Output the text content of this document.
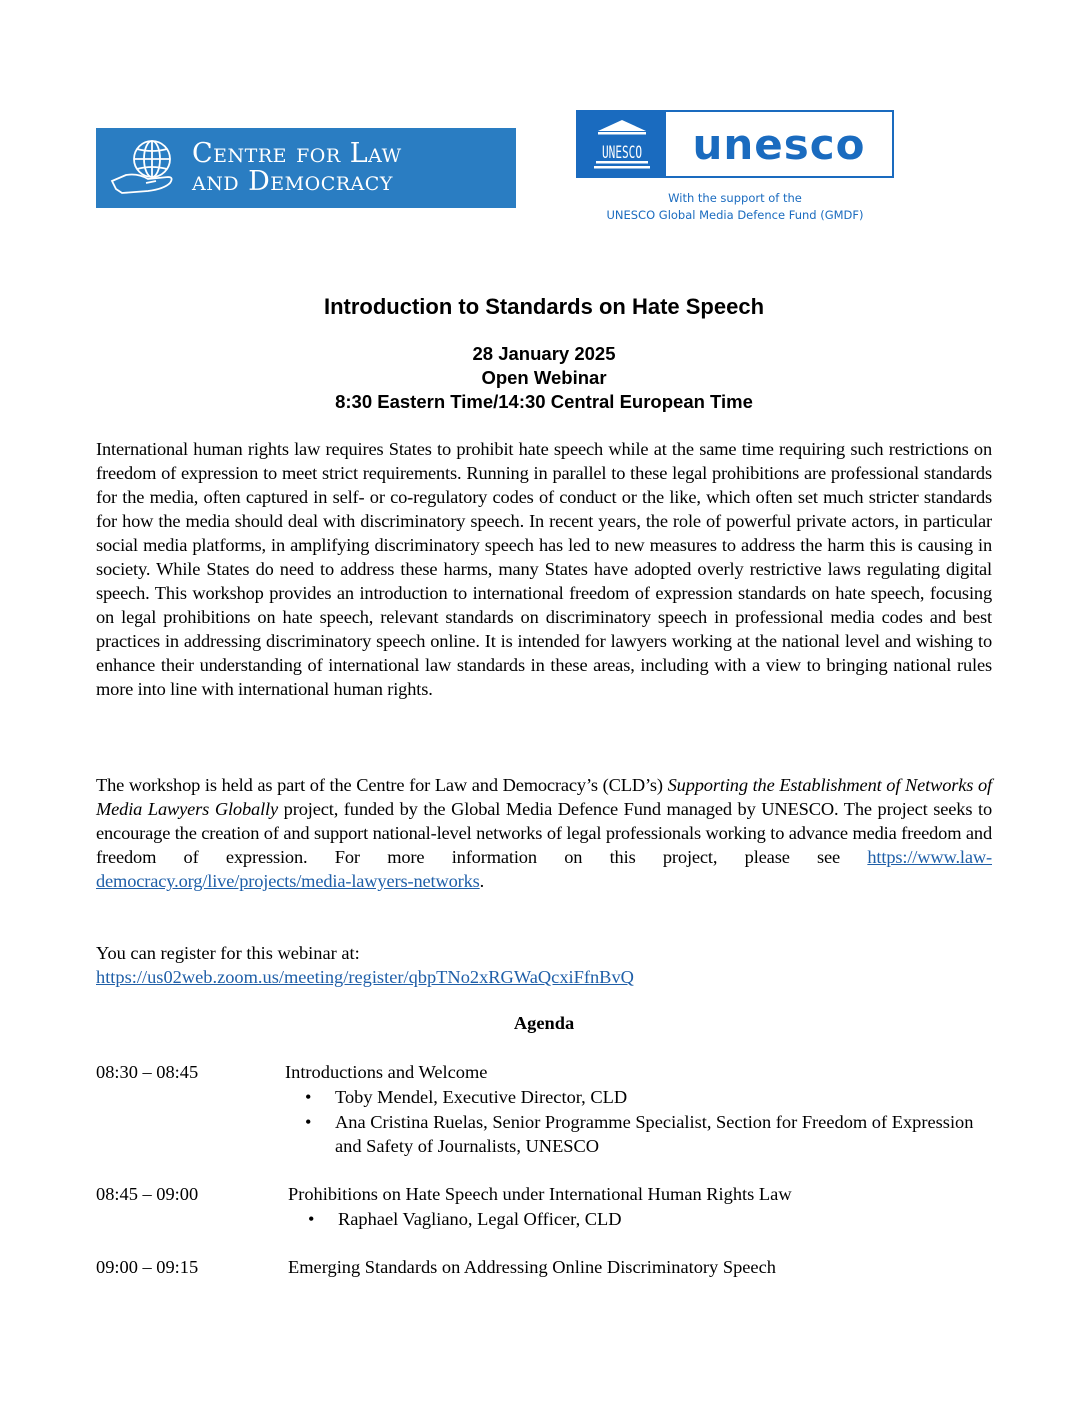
Centre for Law
and Democracy
UNESCO	unesco
With the support of the
UNESCO Global Media Defence Fund (GMDF)
Introduction to Standards on Hate Speech
28 January 2025
Open Webinar
8:30 Eastern Time/14:30 Central European Time
International human rights law requires States to prohibit hate speech while at the same time requiring such restrictions on freedom of expression to meet strict requirements. Running in parallel to these legal prohibitions are professional standards for the media, often captured in self- or co-regulatory codes of conduct or the like, which often set much stricter standards for how the media should deal with discriminatory speech. In recent years, the role of powerful private actors, in particular social media platforms, in amplifying discriminatory speech has led to new measures to address the harm this is causing in society. While States do need to address these harms, many States have adopted overly restrictive laws regulating digital speech. This workshop provides an introduction to international freedom of expression standards on hate speech, focusing on legal prohibitions on hate speech, relevant standards on discriminatory speech in professional media codes and best practices in addressing discriminatory speech online. It is intended for lawyers working at the national level and wishing to enhance their understanding of international law standards in these areas, including with a view to bringing national rules more into line with international human rights.
The workshop is held as part of the Centre for Law and Democracy’s (CLD’s) Supporting the Establishment of Networks of Media Lawyers Globally project, funded by the Global Media Defence Fund managed by UNESCO. The project seeks to encourage the creation of and support national-level networks of legal professionals working to advance media freedom and freedom of expression. For more information on this project, please see https://www.law-democracy.org/live/projects/media-lawyers-networks.
You can register for this webinar at:
https://us02web.zoom.us/meeting/register/qbpTNo2xRGWaQcxiFfnBvQ
Agenda
08:30 – 08:45	Introductions and Welcome
• Toby Mendel, Executive Director, CLD
• Ana Cristina Ruelas, Senior Programme Specialist, Section for Freedom of Expression and Safety of Journalists, UNESCO
08:45 – 09:00	Prohibitions on Hate Speech under International Human Rights Law
• Raphael Vagliano, Legal Officer, CLD
09:00 – 09:15	Emerging Standards on Addressing Online Discriminatory Speech
